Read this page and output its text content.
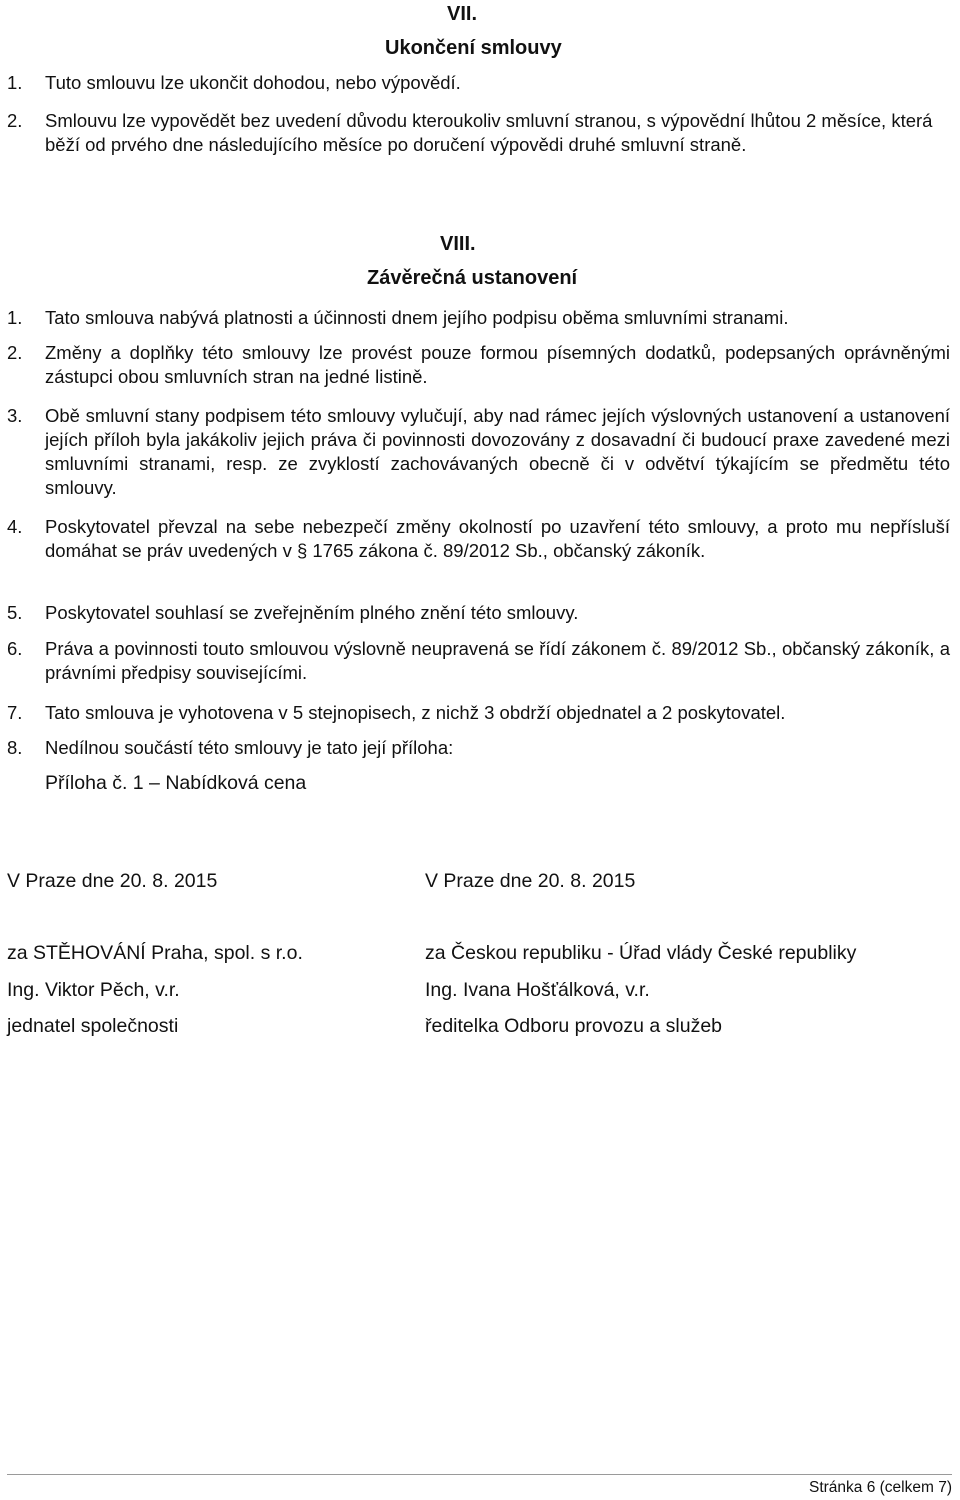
VII.
Ukončení smlouvy
1. Tuto smlouvu lze ukončit dohodou, nebo výpovědí.
2. Smlouvu lze vypovědět bez uvedení důvodu kteroukoliv smluvní stranou, s výpovědní lhůtou 2 měsíce, která běží od prvého dne následujícího měsíce po doručení výpovědi druhé smluvní straně.
VIII.
Závěrečná ustanovení
1. Tato smlouva nabývá platnosti a účinnosti dnem jejího podpisu oběma smluvními stranami.
2. Změny a doplňky této smlouvy lze provést pouze formou písemných dodatků, podepsaných oprávněnými zástupci obou smluvních stran na jedné listině.
3. Obě smluvní stany podpisem této smlouvy vylučují, aby nad rámec jejích výslovných ustanovení a ustanovení jejích příloh byla jakákoliv jejich práva či povinnosti dovozovány z dosavadní či budoucí praxe zavedené mezi smluvními stranami, resp. ze zvyklostí zachovávaných obecně či v odvětví týkajícím se předmětu této smlouvy.
4. Poskytovatel převzal na sebe nebezpečí změny okolností po uzavření této smlouvy, a proto mu nepřísluší domáhat se práv uvedených v § 1765 zákona č. 89/2012 Sb., občanský zákoník.
5. Poskytovatel souhlasí se zveřejněním plného znění této smlouvy.
6. Práva a povinnosti touto smlouvou výslovně neupravená se řídí zákonem č. 89/2012 Sb., občanský zákoník, a právními předpisy souvisejícími.
7. Tato smlouva je vyhotovena v 5 stejnopisech, z nichž 3 obdrží objednatel a 2 poskytovatel.
8. Nedílnou součástí této smlouvy je tato její příloha:
Příloha č. 1 – Nabídková cena
V Praze dne 20. 8. 2015	V Praze dne 20. 8. 2015
za STĚHOVÁNÍ Praha, spol. s r.o.	za Českou republiku - Úřad vlády České republiky
Ing. Viktor Pěch, v.r.	Ing. Ivana Hošťálková, v.r.
jednatel společnosti	ředitelka Odboru provozu a služeb
Stránka 6 (celkem 7)
